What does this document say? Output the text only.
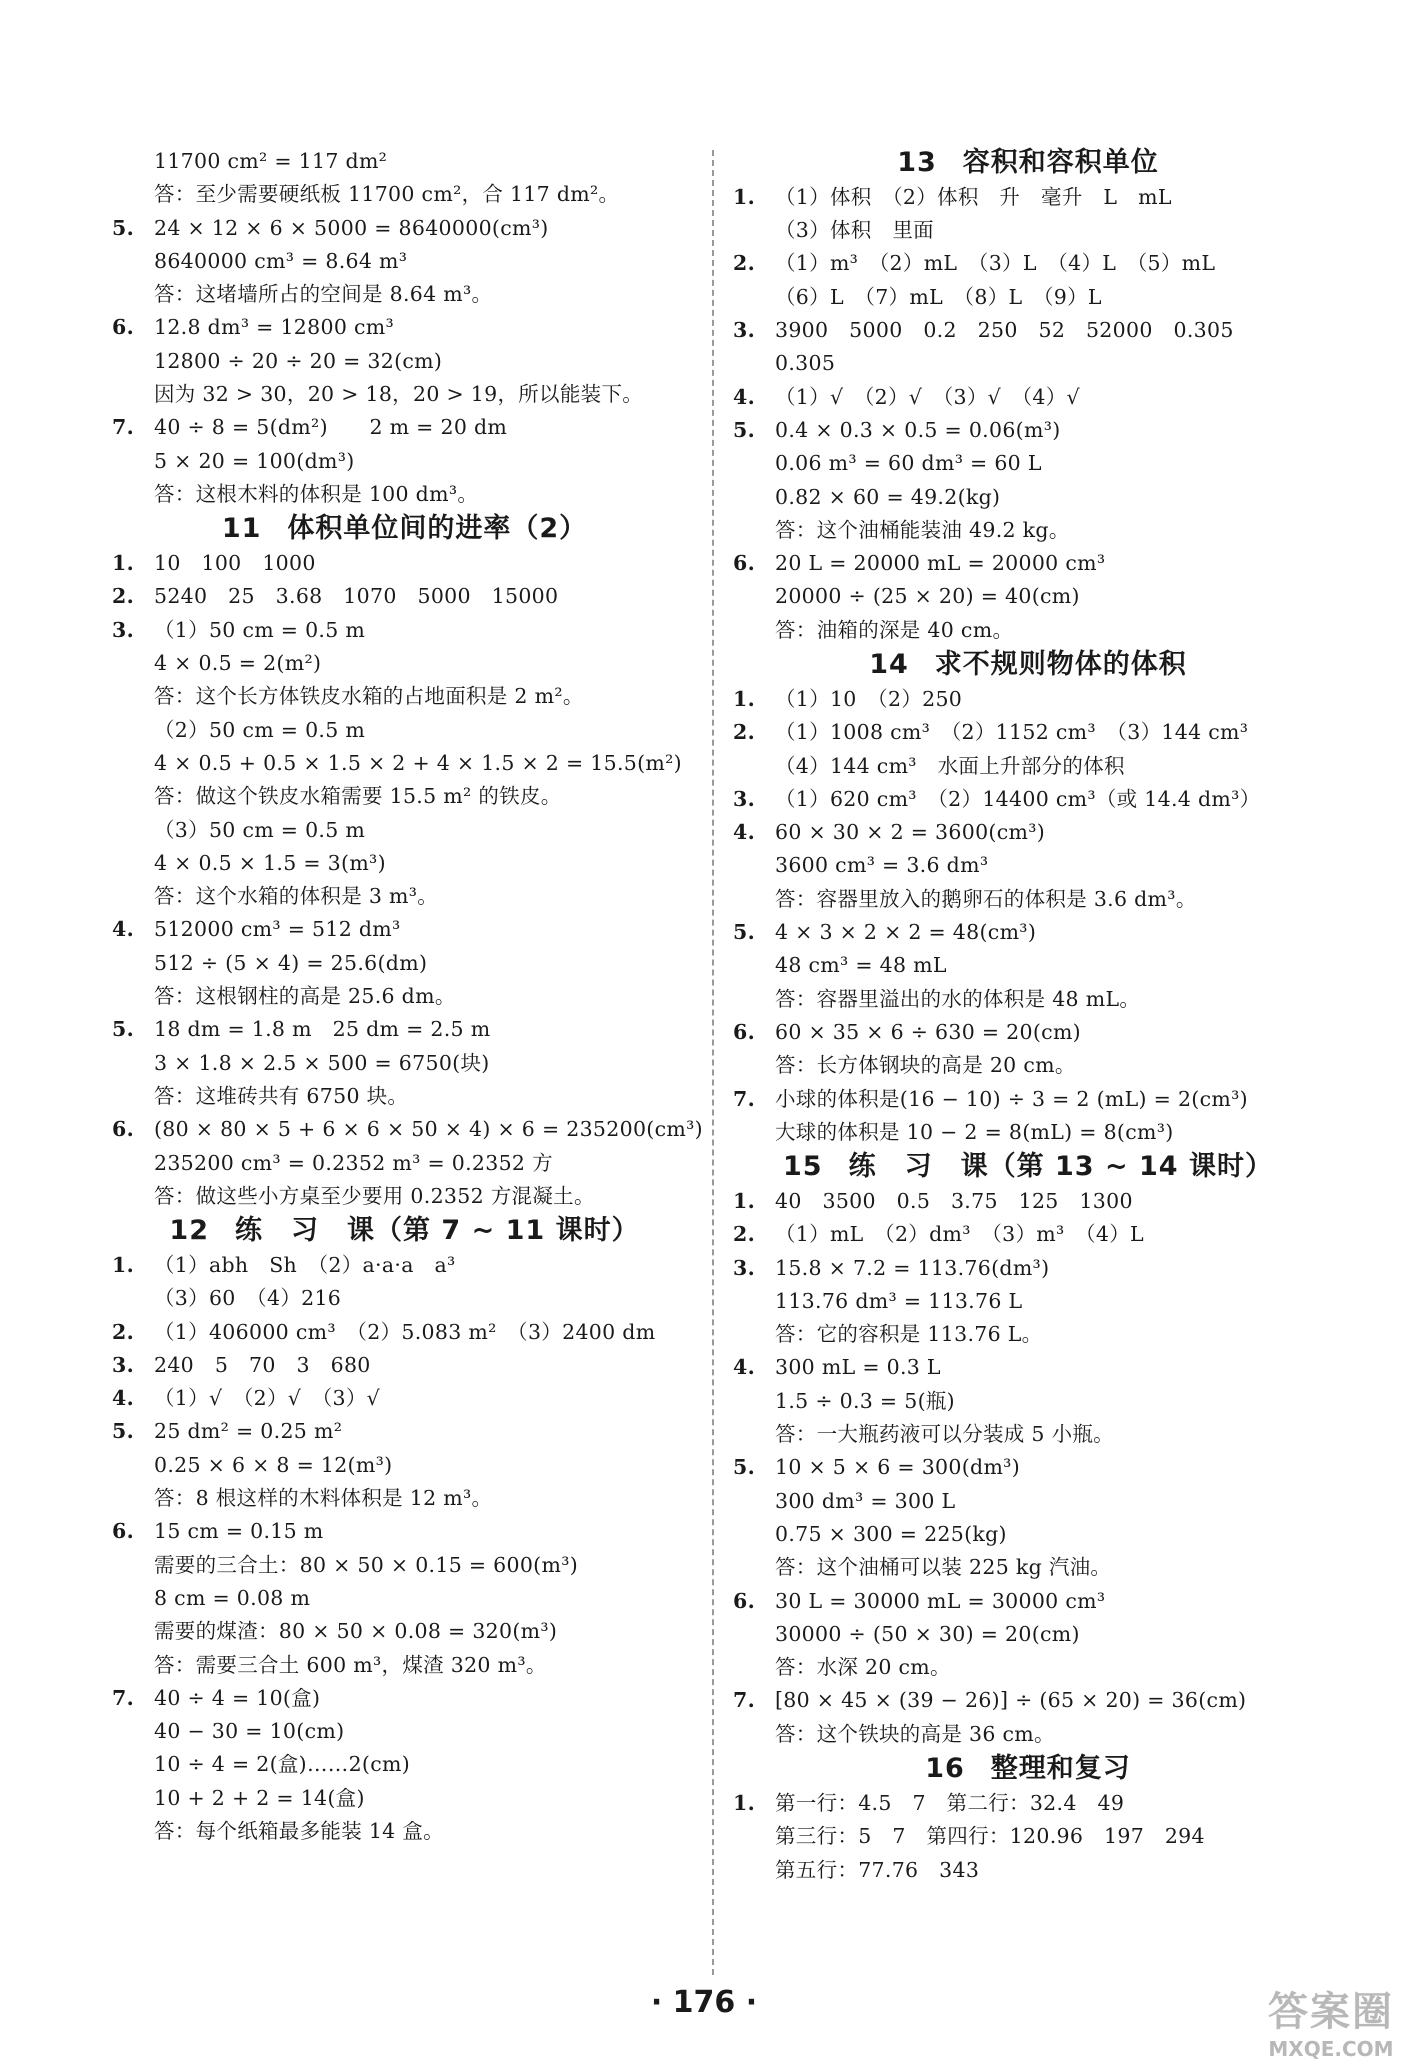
11700 cm² = 117 dm²
答：至少需要硬纸板 11700 cm²，合 117 dm²。
5. 24 × 12 × 6 × 5000 = 8640000(cm³)
8640000 cm³ = 8.64 m³
答：这堵墙所占的空间是 8.64 m³。
6. 12.8 dm³ = 12800 cm³
12800 ÷ 20 ÷ 20 = 32(cm)
因为 32 > 30，20 > 18，20 > 19，所以能装下。
7. 40 ÷ 8 = 5(dm²)　　2 m = 20 dm
5 × 20 = 100(dm³)
答：这根木料的体积是 100 dm³。
11 体积单位间的进率（2）
1. 10　100　1000
2. 5240　25　3.68　1070　5000　15000
3. （1）50 cm = 0.5 m
4 × 0.5 = 2(m²)
答：这个长方体铁皮水箱的占地面积是 2 m²。
（2）50 cm = 0.5 m
4 × 0.5 + 0.5 × 1.5 × 2 + 4 × 1.5 × 2 = 15.5(m²)
答：做这个铁皮水箱需要 15.5 m² 的铁皮。
（3）50 cm = 0.5 m
4 × 0.5 × 1.5 = 3(m³)
答：这个水箱的体积是 3 m³。
4. 512000 cm³ = 512 dm³
512 ÷ (5 × 4) = 25.6(dm)
答：这根钢柱的高是 25.6 dm。
5. 18 dm = 1.8 m　25 dm = 2.5 m
3 × 1.8 × 2.5 × 500 = 6750(块)
答：这堆砖共有 6750 块。
6. (80 × 80 × 5 + 6 × 6 × 50 × 4) × 6 = 235200(cm³)
235200 cm³ = 0.2352 m³ = 0.2352 方
答：做这些小方桌至少要用 0.2352 方混凝土。
12 练　习　课（第 7 ~ 11 课时）
1. （1）abh　Sh　（2）a·a·a　a³
（3）60　（4）216
2. （1）406000 cm³　（2）5.083 m²　（3）2400 dm
3. 240　5　70　3　680
4. （1）√　（2）√　（3）√
5. 25 dm² = 0.25 m²
0.25 × 6 × 8 = 12(m³)
答：8 根这样的木料体积是 12 m³。
6. 15 cm = 0.15 m
需要的三合土：80 × 50 × 0.15 = 600(m³)
8 cm = 0.08 m
需要的煤渣：80 × 50 × 0.08 = 320(m³)
答：需要三合土 600 m³，煤渣 320 m³。
7. 40 ÷ 4 = 10(盒)
40 − 30 = 10(cm)
10 ÷ 4 = 2(盒)……2(cm)
10 + 2 + 2 = 14(盒)
答：每个纸箱最多能装 14 盒。
13 容积和容积单位
1. （1）体积　（2）体积　升　毫升　L　mL
（3）体积　里面
2. （1）m³　（2）mL　（3）L　（4）L　（5）mL
（6）L　（7）mL　（8）L　（9）L
3. 3900　5000　0.2　250　52　52000　0.305
0.305
4. （1）√　（2）√　（3）√　（4）√
5. 0.4 × 0.3 × 0.5 = 0.06(m³)
0.06 m³ = 60 dm³ = 60 L
0.82 × 60 = 49.2(kg)
答：这个油桶能装油 49.2 kg。
6. 20 L = 20000 mL = 20000 cm³
20000 ÷ (25 × 20) = 40(cm)
答：油箱的深是 40 cm。
14 求不规则物体的体积
1. （1）10　（2）250
2. （1）1008 cm³　（2）1152 cm³　（3）144 cm³
（4）144 cm³　水面上升部分的体积
3. （1）620 cm³　（2）14400 cm³（或 14.4 dm³）
4. 60 × 30 × 2 = 3600(cm³)
3600 cm³ = 3.6 dm³
答：容器里放入的鹅卵石的体积是 3.6 dm³。
5. 4 × 3 × 2 × 2 = 48(cm³)
48 cm³ = 48 mL
答：容器里溢出的水的体积是 48 mL。
6. 60 × 35 × 6 ÷ 630 = 20(cm)
答：长方体钢块的高是 20 cm。
7. 小球的体积是(16 − 10) ÷ 3 = 2 (mL) = 2(cm³)
大球的体积是 10 − 2 = 8(mL) = 8(cm³)
15 练　习　课（第 13 ~ 14 课时）
1. 40　3500　0.5　3.75　125　1300
2. （1）mL　（2）dm³　（3）m³　（4）L
3. 15.8 × 7.2 = 113.76(dm³)
113.76 dm³ = 113.76 L
答：它的容积是 113.76 L。
4. 300 mL = 0.3 L
1.5 ÷ 0.3 = 5(瓶)
答：一大瓶药液可以分装成 5 小瓶。
5. 10 × 5 × 6 = 300(dm³)
300 dm³ = 300 L
0.75 × 300 = 225(kg)
答：这个油桶可以装 225 kg 汽油。
6. 30 L = 30000 mL = 30000 cm³
30000 ÷ (50 × 30) = 20(cm)
答：水深 20 cm。
7. [80 × 45 × (39 − 26)] ÷ (65 × 20) = 36(cm)
答：这个铁块的高是 36 cm。
16 整理和复习
1. 第一行：4.5　7　第二行：32.4　49
第三行：5　7　第四行：120.96　197　294
第五行：77.76　343
· 176 ·	答案圈
MXQE.COM
